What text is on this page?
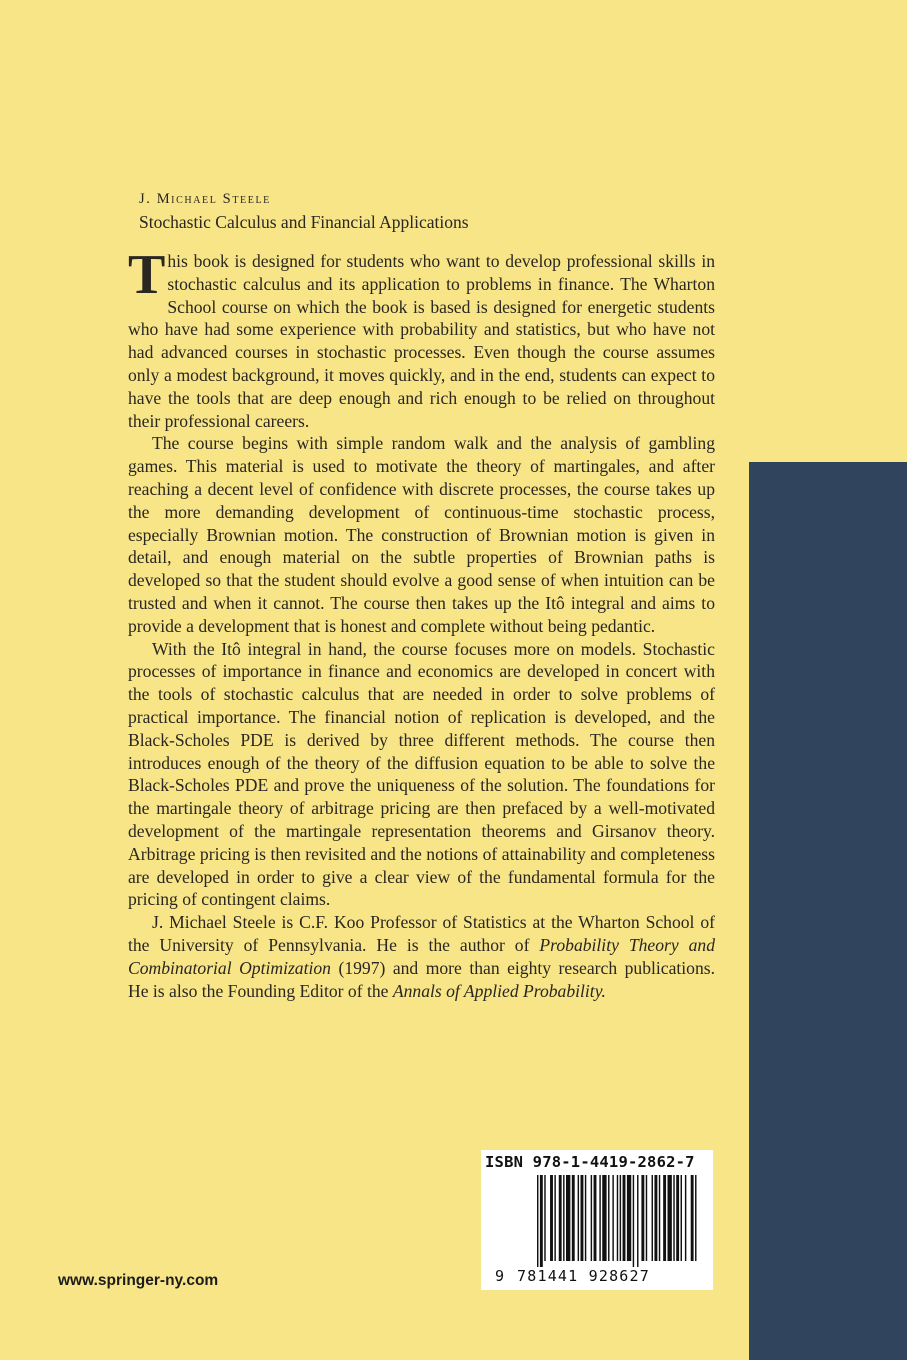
J. Michael Steele
Stochastic Calculus and Financial Applications

This book is designed for students who want to develop professional skills in stochastic calculus and its application to problems in finance. The Wharton School course on which the book is based is designed for energetic students who have had some experience with probability and statistics, but who have not had advanced courses in stochastic processes. Even though the course assumes only a modest background, it moves quickly, and in the end, students can expect to have the tools that are deep enough and rich enough to be relied on throughout their professional careers.

The course begins with simple random walk and the analysis of gambling games. This material is used to motivate the theory of martingales, and after reaching a decent level of confidence with discrete processes, the course takes up the more demanding development of continuous-time stochastic process, especially Brownian motion. The construction of Brownian motion is given in detail, and enough material on the subtle properties of Brownian paths is developed so that the student should evolve a good sense of when intuition can be trusted and when it cannot. The course then takes up the Itô integral and aims to provide a development that is honest and complete without being pedantic.

With the Itô integral in hand, the course focuses more on models. Stochastic processes of importance in finance and economics are developed in concert with the tools of stochastic calculus that are needed in order to solve problems of practical importance. The financial notion of replication is developed, and the Black-Scholes PDE is derived by three different methods. The course then introduces enough of the theory of the diffusion equation to be able to solve the Black-Scholes PDE and prove the uniqueness of the solution. The foundations for the martingale theory of arbitrage pricing are then prefaced by a well-motivated development of the martingale representation theorems and Girsanov theory. Arbitrage pricing is then revisited and the notions of attainability and completeness are developed in order to give a clear view of the fundamental formula for the pricing of contingent claims.

J. Michael Steele is C.F. Koo Professor of Statistics at the Wharton School of the University of Pennsylvania. He is the author of Probability Theory and Combinatorial Optimization (1997) and more than eighty research publications. He is also the Founding Editor of the Annals of Applied Probability.

ISBN 978-1-4419-2862-7
9 781441 928627
www.springer-ny.com
